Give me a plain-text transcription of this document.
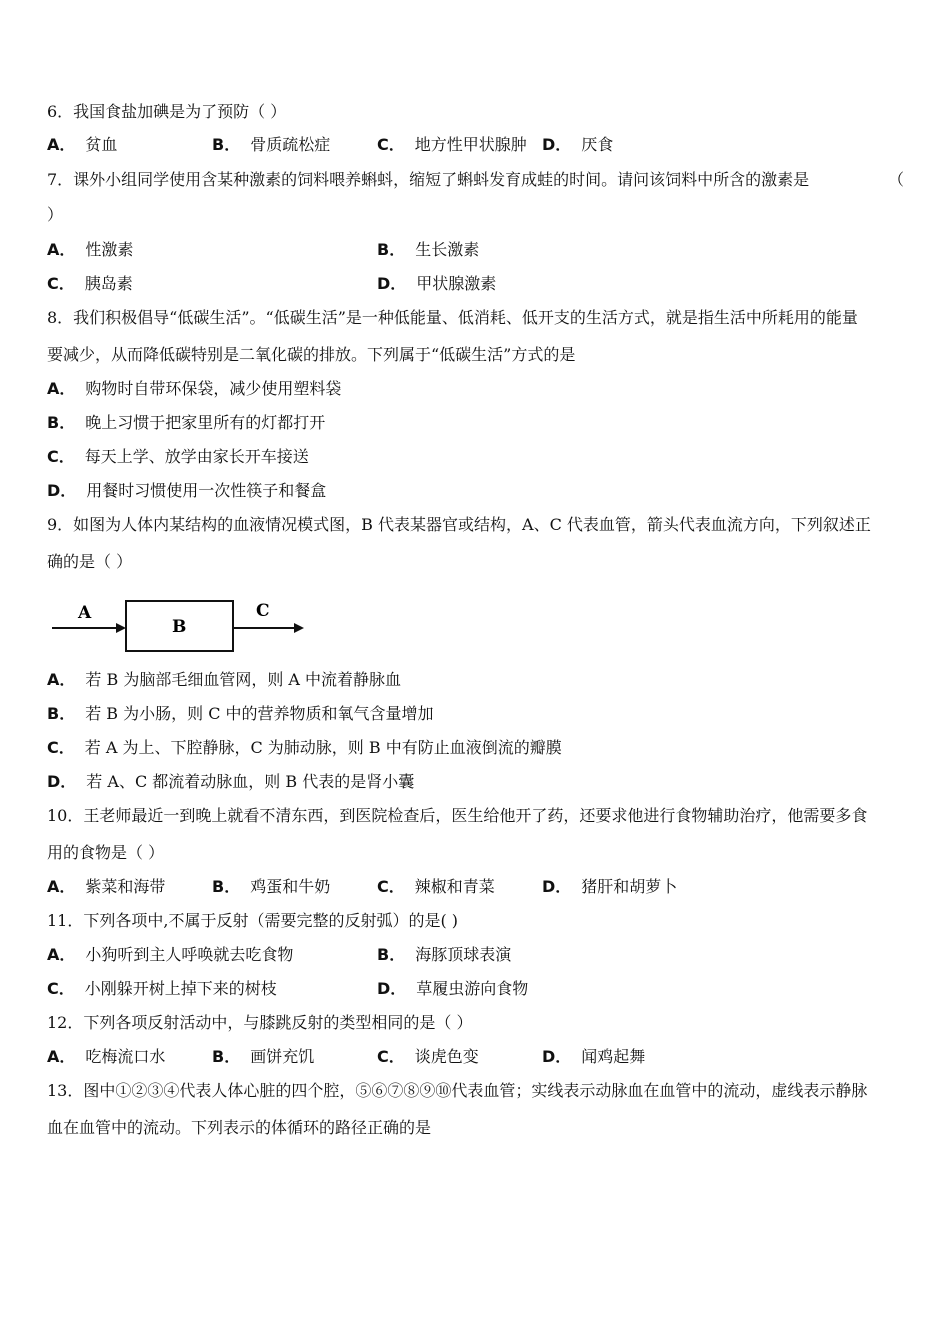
6．我国食盐加碘是为了预防（ ）
A． 贫血	B． 骨质疏松症	C． 地方性甲状腺肿 D． 厌食
7．课外小组同学使用含某种激素的饲料喂养蝌蚪，缩短了蝌蚪发育成蛙的时间。请问该饲料中所含的激素是	（
）
A． 性激素	B． 生长激素
C． 胰岛素	D． 甲状腺激素
8．我们积极倡导“低碳生活”。“低碳生活”是一种低能量、低消耗、低开支的生活方式，就是指生活中所耗用的能量
要减少，从而降低碳特别是二氧化碳的排放。下列属于“低碳生活”方式的是
A． 购物时自带环保袋，减少使用塑料袋
B． 晚上习惯于把家里所有的灯都打开
C． 每天上学、放学由家长开车接送
D． 用餐时习惯使用一次性筷子和餐盒
9．如图为人体内某结构的血液情况模式图，B 代表某器官或结构，A、C 代表血管，箭头代表血流方向，下列叙述正
确的是（ ）
A
B
C
A． 若 B 为脑部毛细血管网，则 A 中流着静脉血
B． 若 B 为小肠，则 C 中的营养物质和氧气含量增加
C． 若 A 为上、下腔静脉，C 为肺动脉，则 B 中有防止血液倒流的瓣膜
D． 若 A、C 都流着动脉血，则 B 代表的是肾小囊
10．王老师最近一到晚上就看不清东西，到医院检查后，医生给他开了药，还要求他进行食物辅助治疗，他需要多食
用的食物是（ ）
A． 紫菜和海带	B． 鸡蛋和牛奶	C． 辣椒和青菜	D． 猪肝和胡萝卜
11．下列各项中,不属于反射（需要完整的反射弧）的是( )
A． 小狗听到主人呼唤就去吃食物	B． 海豚顶球表演
C． 小刚躲开树上掉下来的树枝	D． 草履虫游向食物
12．下列各项反射活动中，与膝跳反射的类型相同的是（ ）
A． 吃梅流口水	B． 画饼充饥	C． 谈虎色变	D． 闻鸡起舞
13．图中①②③④代表人体心脏的四个腔，⑤⑥⑦⑧⑨⑩代表血管；实线表示动脉血在血管中的流动，虚线表示静脉
血在血管中的流动。下列表示的体循环的路径正确的是
